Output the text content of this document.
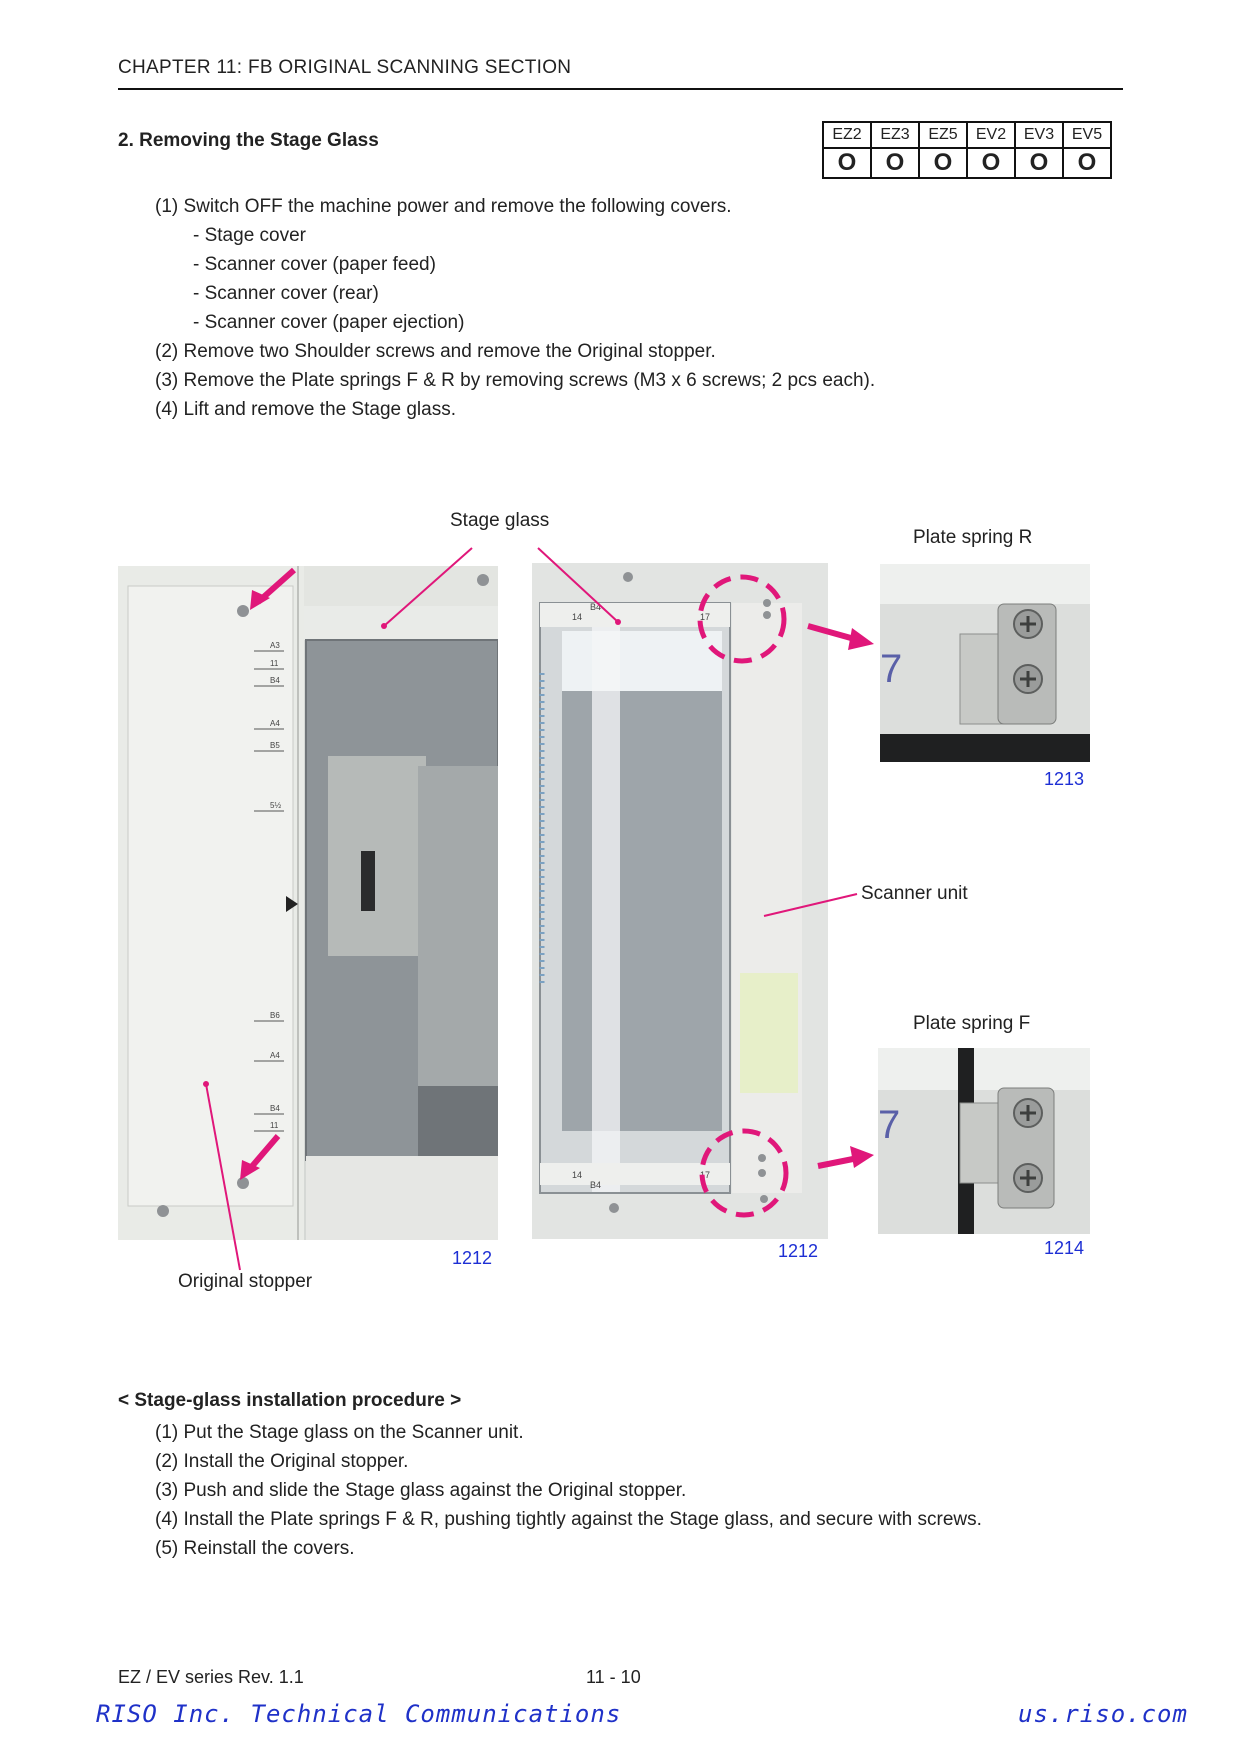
CHAPTER 11: FB ORIGINAL SCANNING SECTION
2. Removing the Stage Glass	EZ2	EZ3	EZ5	EV2	EV3	EV5
O	O	O	O	O	O
(1) Switch OFF the machine power and remove the following covers.
- Stage cover
- Scanner cover (paper feed)
- Scanner cover (rear)
- Scanner cover (paper ejection)
(2) Remove two Shoulder screws and remove the Original stopper.
(3) Remove the Plate springs F & R by removing screws (M3 x 6 screws; 2 pcs each).
(4) Lift and remove the Stage glass.
Stage glass
Plate spring R
Scanner unit
Plate spring F
Original stopper
A3
11
B4
A4
B5
5½
B6
A4
B4
11
14
B4
17
14
B4
17
7
7
1212	1212
1213
1214
< Stage-glass installation procedure >
(1) Put the Stage glass on the Scanner unit.
(2) Install the Original stopper.
(3) Push and slide the Stage glass against the Original stopper.
(4) Install the Plate springs F & R, pushing tightly against the Stage glass, and secure with screws.
(5) Reinstall the covers.
EZ / EV series Rev. 1.1	11 - 10
RISO Inc. Technical Communications	us.riso.com
